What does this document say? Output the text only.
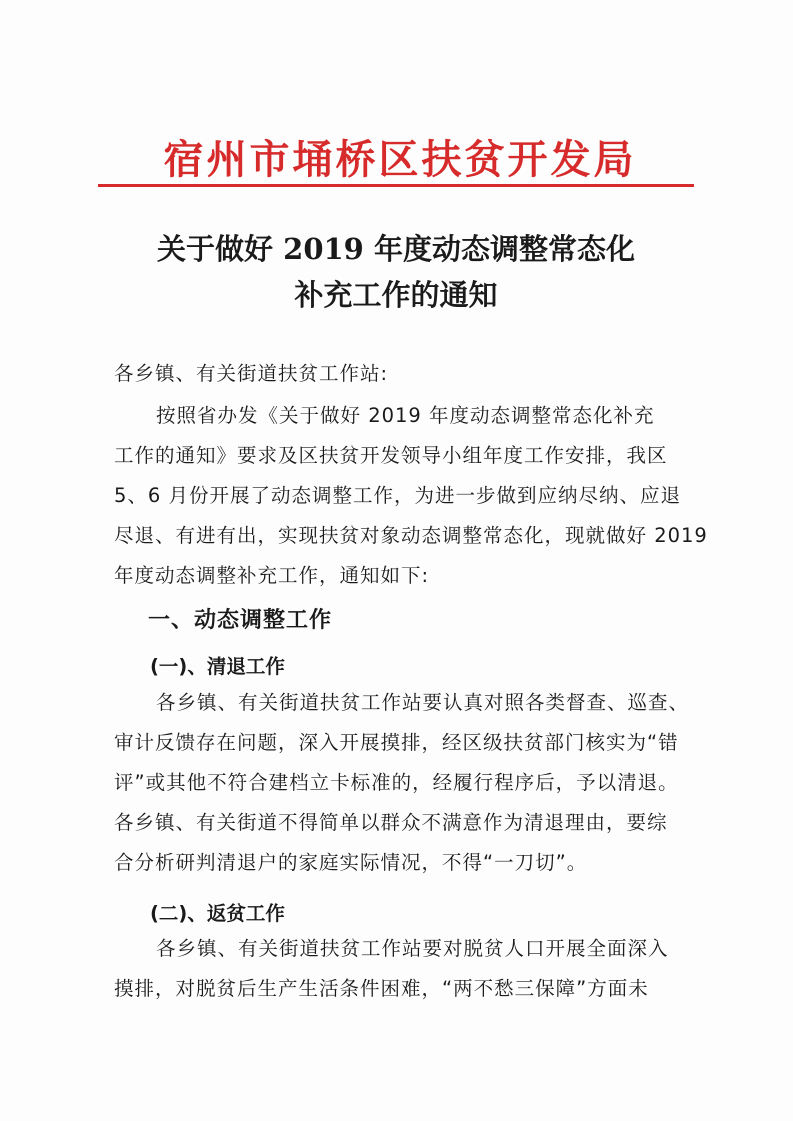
宿州市埇桥区扶贫开发局
关于做好 2019 年度动态调整常态化
补充工作的通知
各乡镇、有关街道扶贫工作站:
按照省办发《关于做好 2019 年度动态调整常态化补充
工作的通知》要求及区扶贫开发领导小组年度工作安排，我区
5、6 月份开展了动态调整工作，为进一步做到应纳尽纳、应退
尽退、有进有出，实现扶贫对象动态调整常态化，现就做好 2019
年度动态调整补充工作，通知如下:
一、动态调整工作
(一)、清退工作
各乡镇、有关街道扶贫工作站要认真对照各类督查、巡查、
审计反馈存在问题，深入开展摸排，经区级扶贫部门核实为“错
评”或其他不符合建档立卡标准的，经履行程序后，予以清退。
各乡镇、有关街道不得简单以群众不满意作为清退理由，要综
合分析研判清退户的家庭实际情况，不得“一刀切”。
(二)、返贫工作
各乡镇、有关街道扶贫工作站要对脱贫人口开展全面深入
摸排，对脱贫后生产生活条件困难，“两不愁三保障”方面未
